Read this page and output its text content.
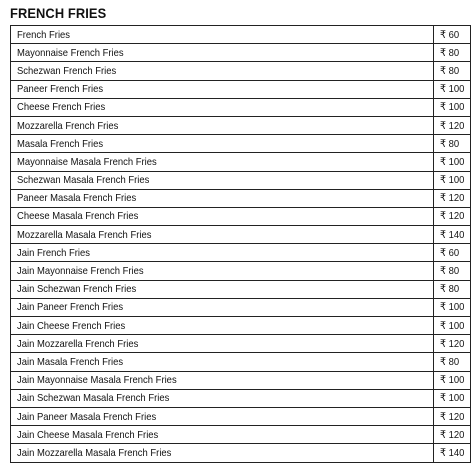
FRENCH FRIES
French Fries	₹ 60
Mayonnaise French Fries	₹ 80
Schezwan French Fries	₹ 80
Paneer French Fries	₹ 100
Cheese French Fries	₹ 100
Mozzarella French Fries	₹ 120
Masala French Fries	₹ 80
Mayonnaise Masala French Fries	₹ 100
Schezwan Masala French Fries	₹ 100
Paneer Masala French Fries	₹ 120
Cheese Masala French Fries	₹ 120
Mozzarella Masala French Fries	₹ 140
Jain French Fries	₹ 60
Jain Mayonnaise French Fries	₹ 80
Jain Schezwan French Fries	₹ 80
Jain Paneer French Fries	₹ 100
Jain Cheese French Fries	₹ 100
Jain Mozzarella French Fries	₹ 120
Jain Masala French Fries	₹ 80
Jain Mayonnaise Masala French Fries	₹ 100
Jain Schezwan Masala French Fries	₹ 100
Jain Paneer Masala French Fries	₹ 120
Jain Cheese Masala French Fries	₹ 120
Jain Mozzarella Masala French Fries	₹ 140
